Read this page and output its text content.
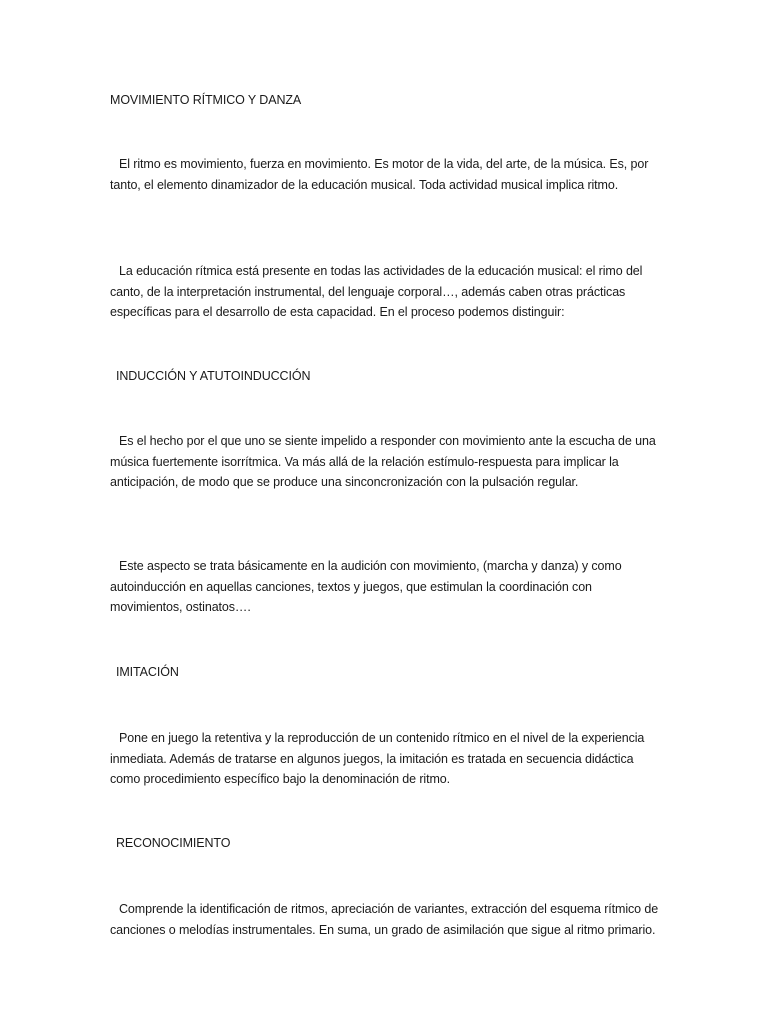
MOVIMIENTO RÍTMICO Y DANZA

El ritmo es movimiento, fuerza en movimiento. Es motor de la vida, del arte, de la música. Es, por tanto, el elemento dinamizador de la educación musical. Toda actividad musical implica ritmo.

La educación rítmica está presente en todas las actividades de la educación musical: el rimo del canto, de la interpretación instrumental, del lenguaje corporal…, además caben otras prácticas específicas para el desarrollo de esta capacidad. En el proceso podemos distinguir:

INDUCCIÓN Y ATUTOINDUCCIÓN

Es el hecho por el que uno se siente impelido a responder con movimiento ante la escucha de una música fuertemente isorrítmica. Va más allá de la relación estímulo-respuesta para implicar la anticipación, de modo que se produce una sinconcronización con la pulsación regular.

Este aspecto se trata básicamente en la audición con movimiento, (marcha y danza) y como autoinducción en aquellas canciones, textos y juegos, que estimulan la coordinación con movimientos, ostinatos….

IMITACIÓN

Pone en juego la retentiva y la reproducción de un contenido rítmico en el nivel de la experiencia inmediata. Además de tratarse en algunos juegos, la imitación es tratada en secuencia didáctica como procedimiento específico bajo la denominación de ritmo.

RECONOCIMIENTO

Comprende la identificación de ritmos, apreciación de variantes, extracción del esquema rítmico de canciones o melodías instrumentales. En suma, un grado de asimilación que sigue al ritmo primario.
